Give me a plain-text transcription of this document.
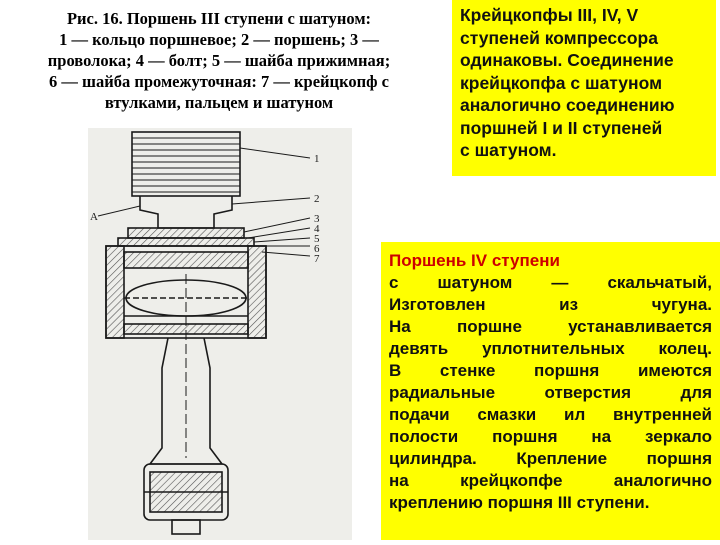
Рис. 16. Поршень III ступени с шатуном:
1 — кольцо поршневое; 2 — поршень; 3 —
проволока; 4 — болт; 5 — шайба прижимная;
6 — шайба промежуточная: 7 — крейцкопф с
втулками, пальцем и шатуном
Крейцкопфы III, IV, V
ступеней компрессора
одинаковы. Соединение
крейцкопфа с шатуном
аналогично соединению
поршней I и II ступеней
с шатуном.
Поршень IV ступени
с шатуном — скальчатый,
Изготовлен из чугуна.
На поршне устанавливается
девять уплотнительных колец.
В стенке поршня имеются
радиальные отверстия для
подачи смазки ил внутренней
полости поршня на зеркало
цилиндра. Крепление поршня
на крейцкопфе аналогично
креплению поршня III ступени.
1
2
3
4
5
6
7
А
